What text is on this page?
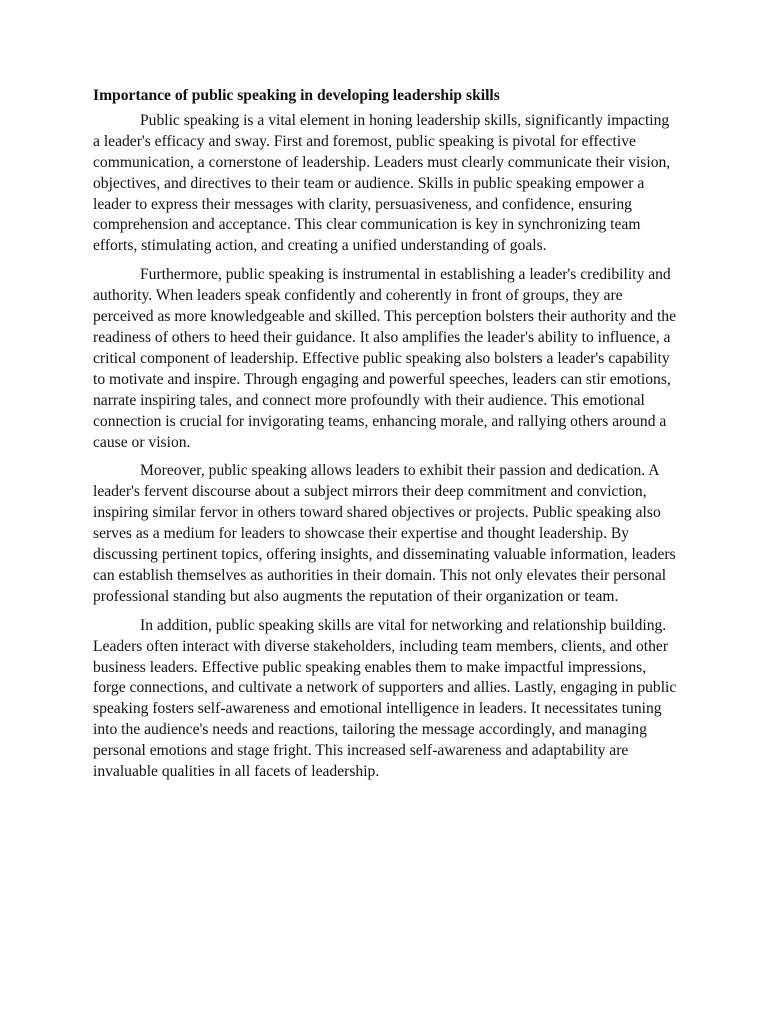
Importance of public speaking in developing leadership skills

Public speaking is a vital element in honing leadership skills, significantly impacting a leader's efficacy and sway. First and foremost, public speaking is pivotal for effective communication, a cornerstone of leadership. Leaders must clearly communicate their vision, objectives, and directives to their team or audience. Skills in public speaking empower a leader to express their messages with clarity, persuasiveness, and confidence, ensuring comprehension and acceptance. This clear communication is key in synchronizing team efforts, stimulating action, and creating a unified understanding of goals.

Furthermore, public speaking is instrumental in establishing a leader's credibility and authority. When leaders speak confidently and coherently in front of groups, they are perceived as more knowledgeable and skilled. This perception bolsters their authority and the readiness of others to heed their guidance. It also amplifies the leader's ability to influence, a critical component of leadership. Effective public speaking also bolsters a leader's capability to motivate and inspire. Through engaging and powerful speeches, leaders can stir emotions, narrate inspiring tales, and connect more profoundly with their audience. This emotional connection is crucial for invigorating teams, enhancing morale, and rallying others around a cause or vision.

Moreover, public speaking allows leaders to exhibit their passion and dedication. A leader's fervent discourse about a subject mirrors their deep commitment and conviction, inspiring similar fervor in others toward shared objectives or projects. Public speaking also serves as a medium for leaders to showcase their expertise and thought leadership. By discussing pertinent topics, offering insights, and disseminating valuable information, leaders can establish themselves as authorities in their domain. This not only elevates their personal professional standing but also augments the reputation of their organization or team.

In addition, public speaking skills are vital for networking and relationship building. Leaders often interact with diverse stakeholders, including team members, clients, and other business leaders. Effective public speaking enables them to make impactful impressions, forge connections, and cultivate a network of supporters and allies. Lastly, engaging in public speaking fosters self-awareness and emotional intelligence in leaders. It necessitates tuning into the audience's needs and reactions, tailoring the message accordingly, and managing personal emotions and stage fright. This increased self-awareness and adaptability are invaluable qualities in all facets of leadership.
